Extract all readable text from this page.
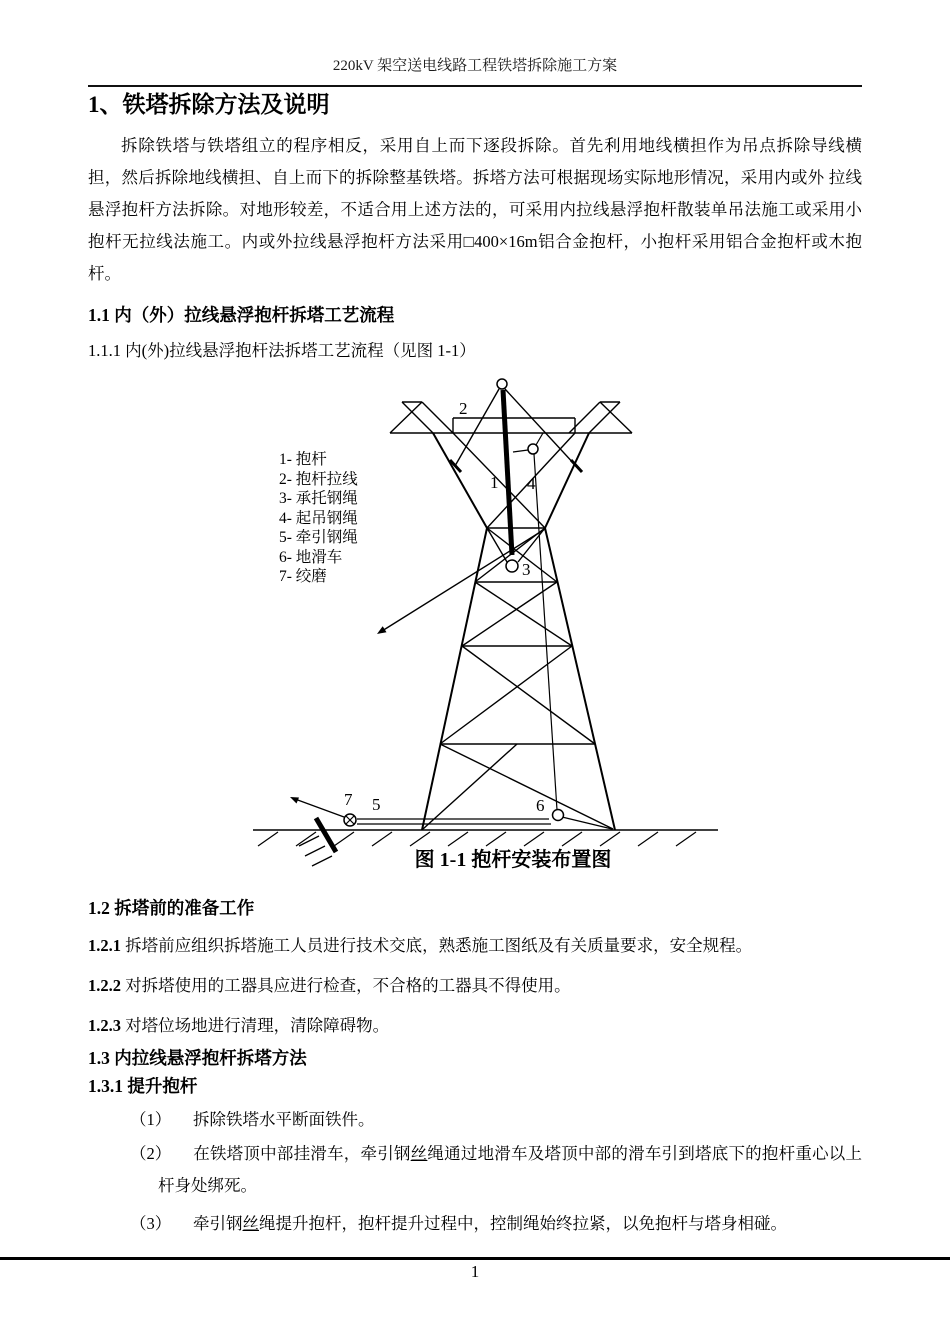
220kV 架空送电线路工程铁塔拆除施工方案
1、铁塔拆除方法及说明
拆除铁塔与铁塔组立的程序相反，采用自上而下逐段拆除。首先利用地线横担作为吊点拆除导线横担，然后拆除地线横担、自上而下的拆除整基铁塔。拆塔方法可根据现场实际地形情况，采用内或外 拉线悬浮抱杆方法拆除。对地形较差，不适合用上述方法的，可采用内拉线悬浮抱杆散装单吊法施工或采用小抱杆无拉线法施工。内或外拉线悬浮抱杆方法采用□400×16m铝合金抱杆，小抱杆采用铝合金抱杆或木抱杆。
1.1 内（外）拉线悬浮抱杆拆塔工艺流程
1.1.1 内(外)拉线悬浮抱杆法拆塔工艺流程（见图 1-1）
2
1 4
3
7 5	6
1- 抱杆
2- 抱杆拉线
3- 承托钢绳
4- 起吊钢绳
5- 牵引钢绳
6- 地滑车
7- 绞磨
图 1-1 抱杆安装布置图
1.2 拆塔前的准备工作
1.2.1 拆塔前应组织拆塔施工人员进行技术交底，熟悉施工图纸及有关质量要求，安全规程。
1.2.2 对拆塔使用的工器具应进行检查，不合格的工器具不得使用。
1.2.3 对塔位场地进行清理，清除障碍物。
1.3 内拉线悬浮抱杆拆塔方法
1.3.1 提升抱杆
（1） 拆除铁塔水平断面铁件。
（2） 在铁塔顶中部挂滑车，牵引钢丝绳通过地滑车及塔顶中部的滑车引到塔底下的抱杆重心以上杆身处绑死。
（3） 牵引钢丝绳提升抱杆，抱杆提升过程中，控制绳始终拉紧，以免抱杆与塔身相碰。
1
